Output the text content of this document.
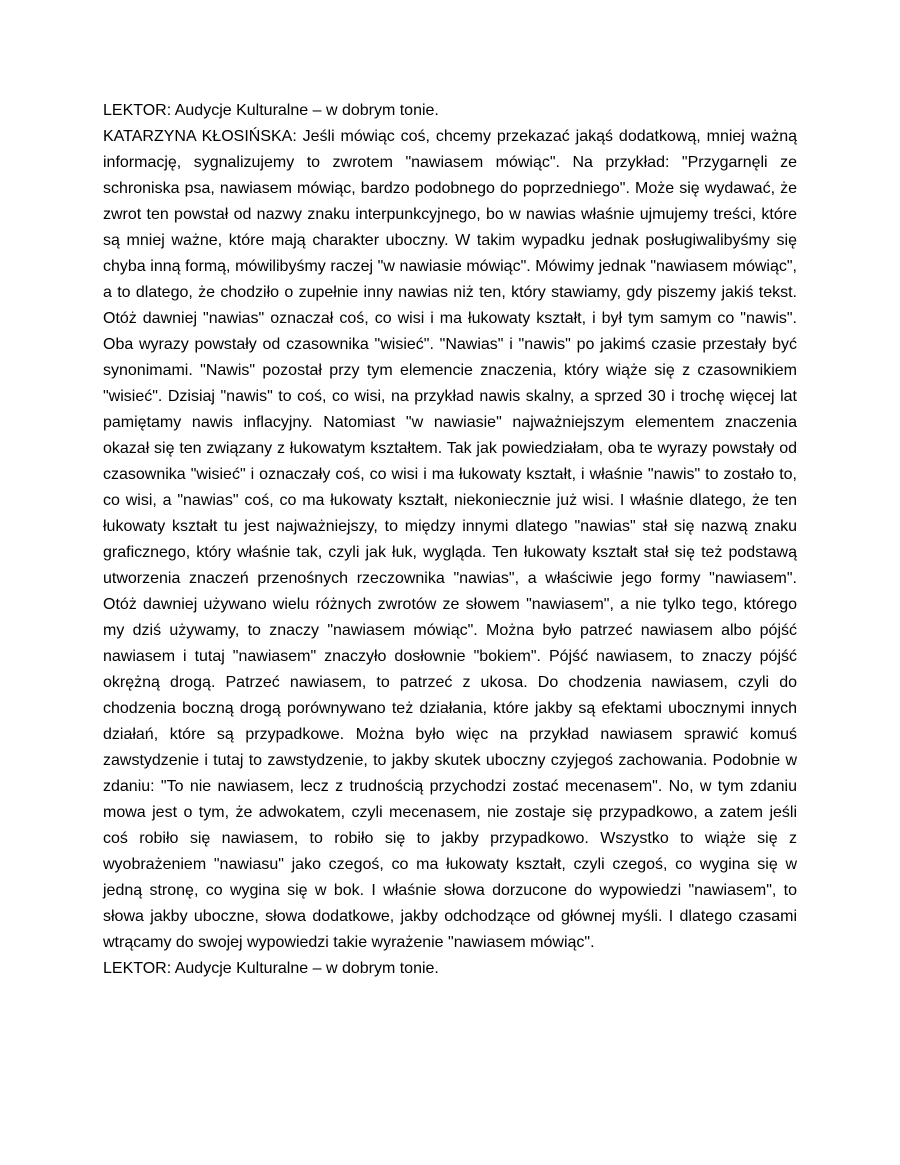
LEKTOR: Audycje Kulturalne – w dobrym tonie.

KATARZYNA KŁOSIŃSKA: Jeśli mówiąc coś, chcemy przekazać jakąś dodatkową, mniej ważną informację, sygnalizujemy to zwrotem "nawiasem mówiąc". Na przykład: "Przygarnęli ze schroniska psa, nawiasem mówiąc, bardzo podobnego do poprzedniego". Może się wydawać, że zwrot ten powstał od nazwy znaku interpunkcyjnego, bo w nawias właśnie ujmujemy treści, które są mniej ważne, które mają charakter uboczny. W takim wypadku jednak posługiwalibyśmy się chyba inną formą, mówilibyśmy raczej "w nawiasie mówiąc". Mówimy jednak "nawiasem mówiąc", a to dlatego, że chodziło o zupełnie inny nawias niż ten, który stawiamy, gdy piszemy jakiś tekst. Otóż dawniej "nawias" oznaczał coś, co wisi i ma łukowaty kształt, i był tym samym co "nawis". Oba wyrazy powstały od czasownika "wisieć". "Nawias" i "nawis" po jakimś czasie przestały być synonimami. "Nawis" pozostał przy tym elemencie znaczenia, który wiąże się z czasownikiem "wisieć". Dzisiaj "nawis" to coś, co wisi, na przykład nawis skalny, a sprzed 30 i trochę więcej lat pamiętamy nawis inflacyjny. Natomiast "w nawiasie" najważniejszym elementem znaczenia okazał się ten związany z łukowatym kształtem. Tak jak powiedziałam, oba te wyrazy powstały od czasownika "wisieć" i oznaczały coś, co wisi i ma łukowaty kształt, i właśnie "nawis" to zostało to, co wisi, a "nawias" coś, co ma łukowaty kształt, niekoniecznie już wisi. I właśnie dlatego, że ten łukowaty kształt tu jest najważniejszy, to między innymi dlatego "nawias" stał się nazwą znaku graficznego, który właśnie tak, czyli jak łuk, wygląda. Ten łukowaty kształt stał się też podstawą utworzenia znaczeń przenośnych rzeczownika "nawias", a właściwie jego formy "nawiasem". Otóż dawniej używano wielu różnych zwrotów ze słowem "nawiasem", a nie tylko tego, którego my dziś używamy, to znaczy "nawiasem mówiąc". Można było patrzeć nawiasem albo pójść nawiasem i tutaj "nawiasem" znaczyło dosłownie "bokiem". Pójść nawiasem, to znaczy pójść okrężną drogą. Patrzeć nawiasem, to patrzeć z ukosa. Do chodzenia nawiasem, czyli do chodzenia boczną drogą porównywano też działania, które jakby są efektami ubocznymi innych działań, które są przypadkowe. Można było więc na przykład nawiasem sprawić komuś zawstydzenie i tutaj to zawstydzenie, to jakby skutek uboczny czyjegoś zachowania. Podobnie w zdaniu: "To nie nawiasem, lecz z trudnością przychodzi zostać mecenasem". No, w tym zdaniu mowa jest o tym, że adwokatem, czyli mecenasem, nie zostaje się przypadkowo, a zatem jeśli coś robiło się nawiasem, to robiło się to jakby przypadkowo. Wszystko to wiąże się z wyobrażeniem "nawiasu" jako czegoś, co ma łukowaty kształt, czyli czegoś, co wygina się w jedną stronę, co wygina się w bok. I właśnie słowa dorzucone do wypowiedzi "nawiasem", to słowa jakby uboczne, słowa dodatkowe, jakby odchodzące od głównej myśli. I dlatego czasami wtrącamy do swojej wypowiedzi takie wyrażenie "nawiasem mówiąc".

LEKTOR: Audycje Kulturalne – w dobrym tonie.
